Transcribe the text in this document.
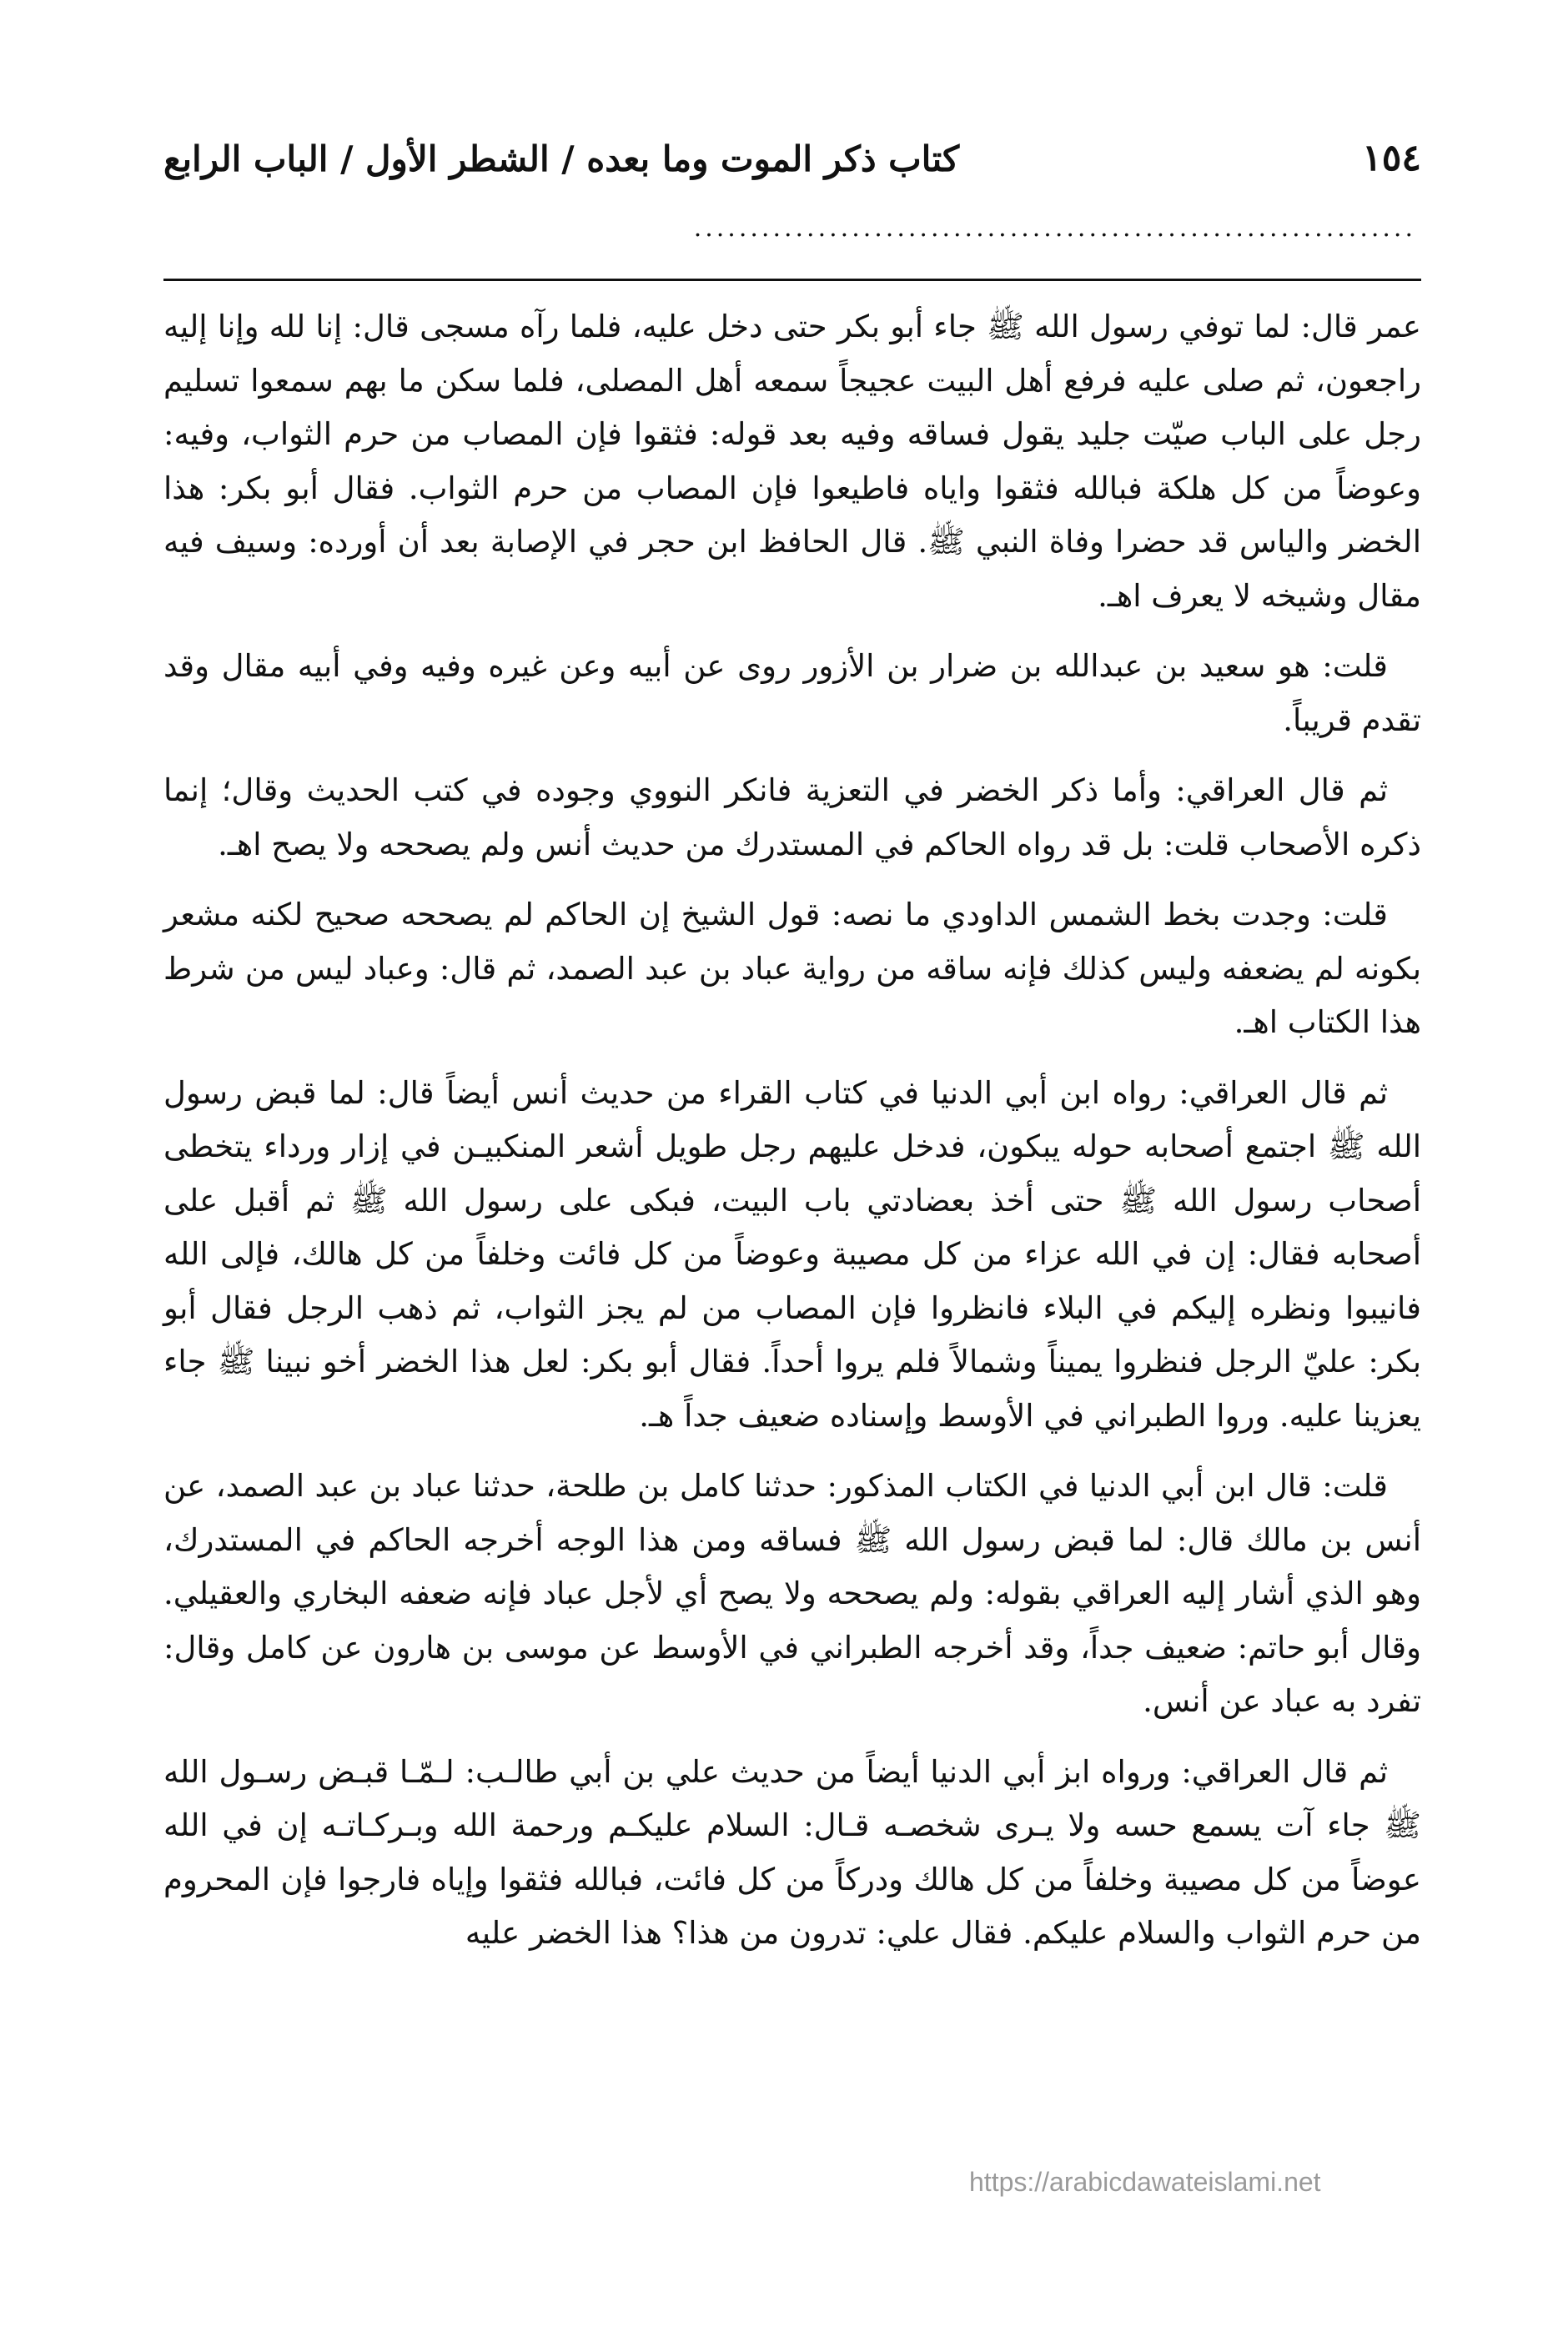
١٥٤
كتاب ذكر الموت وما بعده / الشطر الأول / الباب الرابع
................................................................

عمر قال: لما توفي رسول الله ﷺ جاء أبو بكر حتى دخل عليه، فلما رآه مسجى قال: إنا لله وإنا إليه راجعون، ثم صلى عليه فرفع أهل البيت عجيجاً سمعه أهل المصلى، فلما سكن ما بهم سمعوا تسليم رجل على الباب صيّت جليد يقول فساقه وفيه بعد قوله: فثقوا فإن المصاب من حرم الثواب، وفيه: وعوضاً من كل هلكة فبالله فثقوا واياه فاطيعوا فإن المصاب من حرم الثواب. فقال أبو بكر: هذا الخضر والياس قد حضرا وفاة النبي ﷺ. قال الحافظ ابن حجر في الإصابة بعد أن أورده: وسيف فيه مقال وشيخه لا يعرف اهـ.

قلت: هو سعيد بن عبدالله بن ضرار بن الأزور روى عن أبيه وعن غيره وفيه وفي أبيه مقال وقد تقدم قريباً.

ثم قال العراقي: وأما ذكر الخضر في التعزية فانكر النووي وجوده في كتب الحديث وقال؛ إنما ذكره الأصحاب قلت: بل قد رواه الحاكم في المستدرك من حديث أنس ولم يصححه ولا يصح اهـ.

قلت: وجدت بخط الشمس الداودي ما نصه: قول الشيخ إن الحاكم لم يصححه صحيح لكنه مشعر بكونه لم يضعفه وليس كذلك فإنه ساقه من رواية عباد بن عبد الصمد، ثم قال: وعباد ليس من شرط هذا الكتاب اهـ.

ثم قال العراقي: رواه ابن أبي الدنيا في كتاب القراء من حديث أنس أيضاً قال: لما قبض رسول الله ﷺ اجتمع أصحابه حوله يبكون، فدخل عليهم رجل طويل أشعر المنكبيـن في إزار ورداء يتخطى أصحاب رسول الله ﷺ حتى أخذ بعضادتي باب البيت، فبكى على رسول الله ﷺ ثم أقبل على أصحابه فقال: إن في الله عزاء من كل مصيبة وعوضاً من كل فائت وخلفاً من كل هالك، فإلى الله فانيبوا ونظره إليكم في البلاء فانظروا فإن المصاب من لم يجز الثواب، ثم ذهب الرجل فقال أبو بكر: عليّ الرجل فنظروا يميناً وشمالاً فلم يروا أحداً. فقال أبو بكر: لعل هذا الخضر أخو نبينا ﷺ جاء يعزينا عليه. وروا الطبراني في الأوسط وإسناده ضعيف جداً هـ.

قلت: قال ابن أبي الدنيا في الكتاب المذكور: حدثنا كامل بن طلحة، حدثنا عباد بن عبد الصمد، عن أنس بن مالك قال: لما قبض رسول الله ﷺ فساقه ومن هذا الوجه أخرجه الحاكم في المستدرك، وهو الذي أشار إليه العراقي بقوله: ولم يصححه ولا يصح أي لأجل عباد فإنه ضعفه البخاري والعقيلي. وقال أبو حاتم: ضعيف جداً، وقد أخرجه الطبراني في الأوسط عن موسى بن هارون عن كامل وقال: تفرد به عباد عن أنس.

ثم قال العراقي: ورواه ابز أبي الدنيا أيضاً من حديث علي بن أبي طالـب: لـمّـا قبـض رسـول الله ﷺ جاء آت يسمع حسه ولا يـرى شخصـه قـال: السلام عليكـم ورحمة الله وبـركـاتـه إن في الله عوضاً من كل مصيبة وخلفاً من كل هالك ودركاً من كل فائت، فبالله فثقوا وإياه فارجوا فإن المحروم من حرم الثواب والسلام عليكم. فقال علي: تدرون من هذا؟ هذا الخضر عليه

https://arabicdawateislami.net
